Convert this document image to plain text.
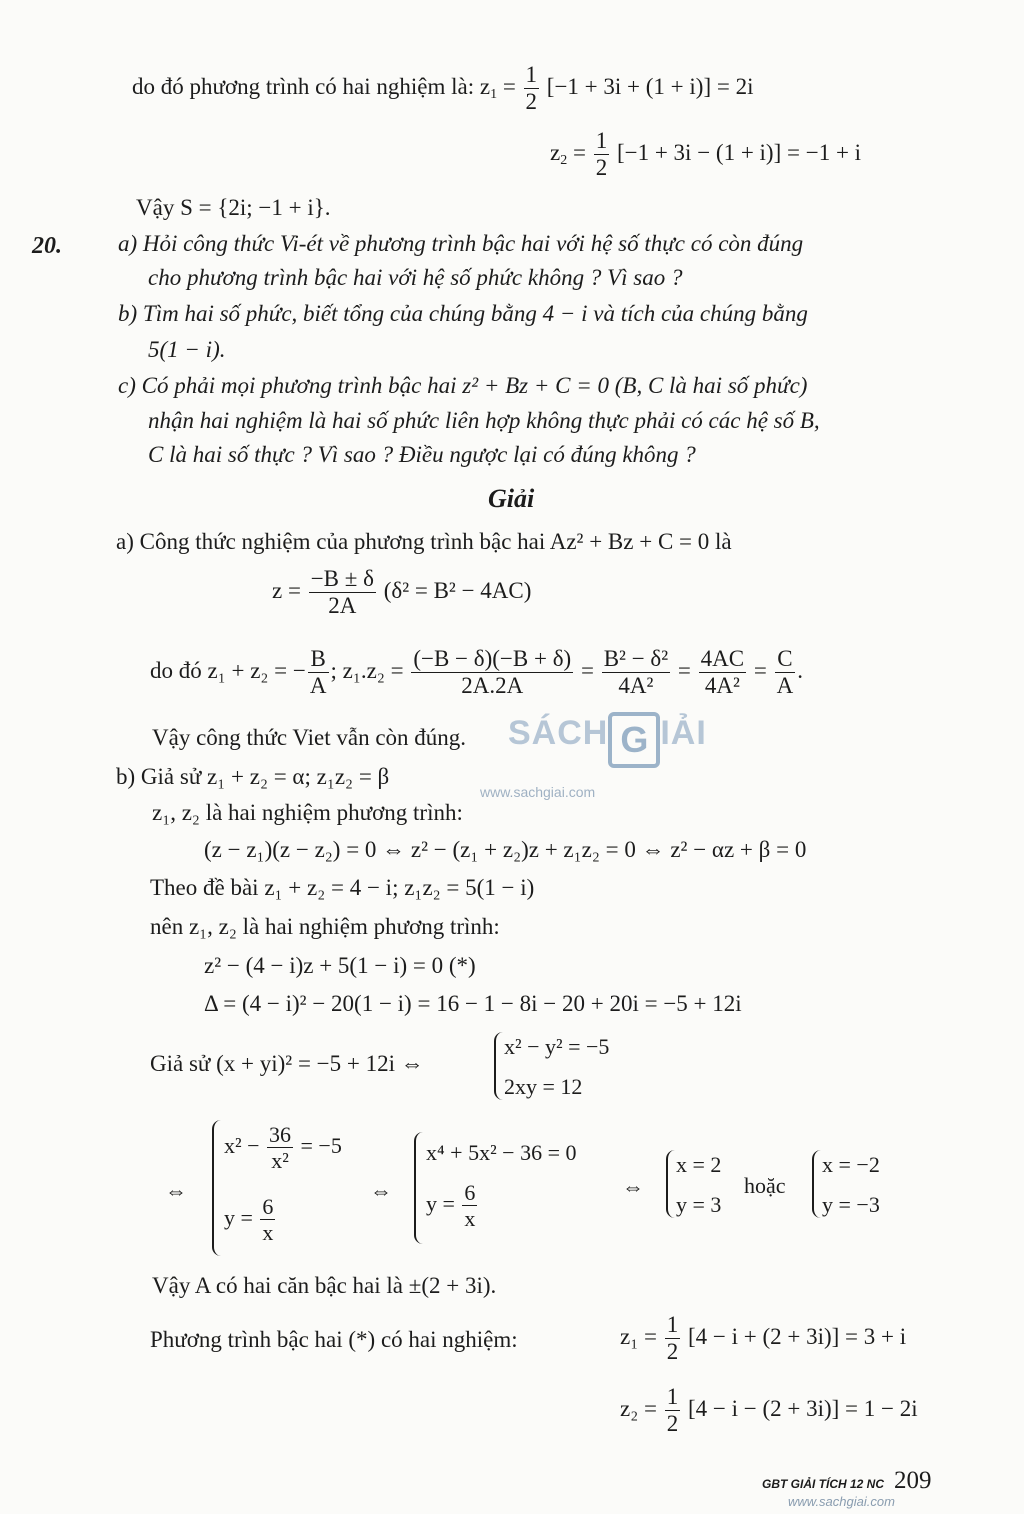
do đó phương trình có hai nghiệm là: $z_1 = \frac{1}{2} [-1 + 3i + (1 + i)] = 2i$
$z_2 = \frac{1}{2} [-1 + 3i - (1 + i)] = -1 + i$
Vậy S = {2i; −1 + i}.
20. a) Hỏi công thức Vi-ét về phương trình bậc hai với hệ số thực có còn đúng
cho phương trình bậc hai với hệ số phức không ? Vì sao ?
b) Tìm hai số phức, biết tổng của chúng bằng 4 − i và tích của chúng bằng
5(1 − i).
c) Có phải mọi phương trình bậc hai z² + Bz + C = 0 (B, C là hai số phức)
nhận hai nghiệm là hai số phức liên hợp không thực phải có các hệ số B,
C là hai số thực ? Vì sao ? Điều ngược lại có đúng không ?
Giải
a) Công thức nghiệm của phương trình bậc hai Az² + Bz + C = 0 là
$z = \frac{-B \pm \delta}{2A} (\delta^2 = B^2 - 4AC)$
do đó z₁ + z₂ = − $\frac{B}{A}$ ; $z_1.z_2 = \frac{(-B - \delta)(-B + \delta)}{2A.2A} = \frac{\text{B² − δ²}}{\text{4A²}} = \frac{4AC}{\text{4A²}} = \frac{C}{A}$ .
Vậy công thức Viet vẫn còn đúng. SÁCH G IẢI
www.sachgiai.com
b) Giả sử z₁ + z₂ = α; z₁z₂ = β
z₁, z₂ là hai nghiệm phương trình:
(z − z₁)(z − z₂) = 0 ⇔ z² − (z₁ + z₂)z + z₁z₂ = 0 ⇔ z² − αz + β = 0
Theo đề bài z₁ + z₂ = 4 − i; z₁z₂ = 5(1 − i)
nên z₁, z₂ là hai nghiệm phương trình:
z² − (4 − i)z + 5(1 − i) = 0 (*)
Δ = (4 − i)² − 20(1 − i) = 16 − 1 − 8i − 20 + 20i = −5 + 12i
Giả sử (x + yi)² = −5 + 12i ⇔
x² − y² = −5
2xy = 12
⇔
$x^2 - \frac{36}{\text{x²}} = -5$
$y = \frac{6}{x}$
⇔
x⁴ + 5x² − 36 = 0
$y = \frac{6}{x}$	⇔
x = 2
y = 3
hoặc
x = −2
y = −3
Vậy A có hai căn bậc hai là ±(2 + 3i).
Phương trình bậc hai (*) có hai nghiệm:	$z_1 = \frac{1}{2} [4 - i + (2 + 3i)] = 3 + i$
$z_2 = \frac{1}{2} [4 - i - (2 + 3i)] = 1 - 2i$
GBT GIẢI TÍCH 12 NC 209
www.sachgiai.com
